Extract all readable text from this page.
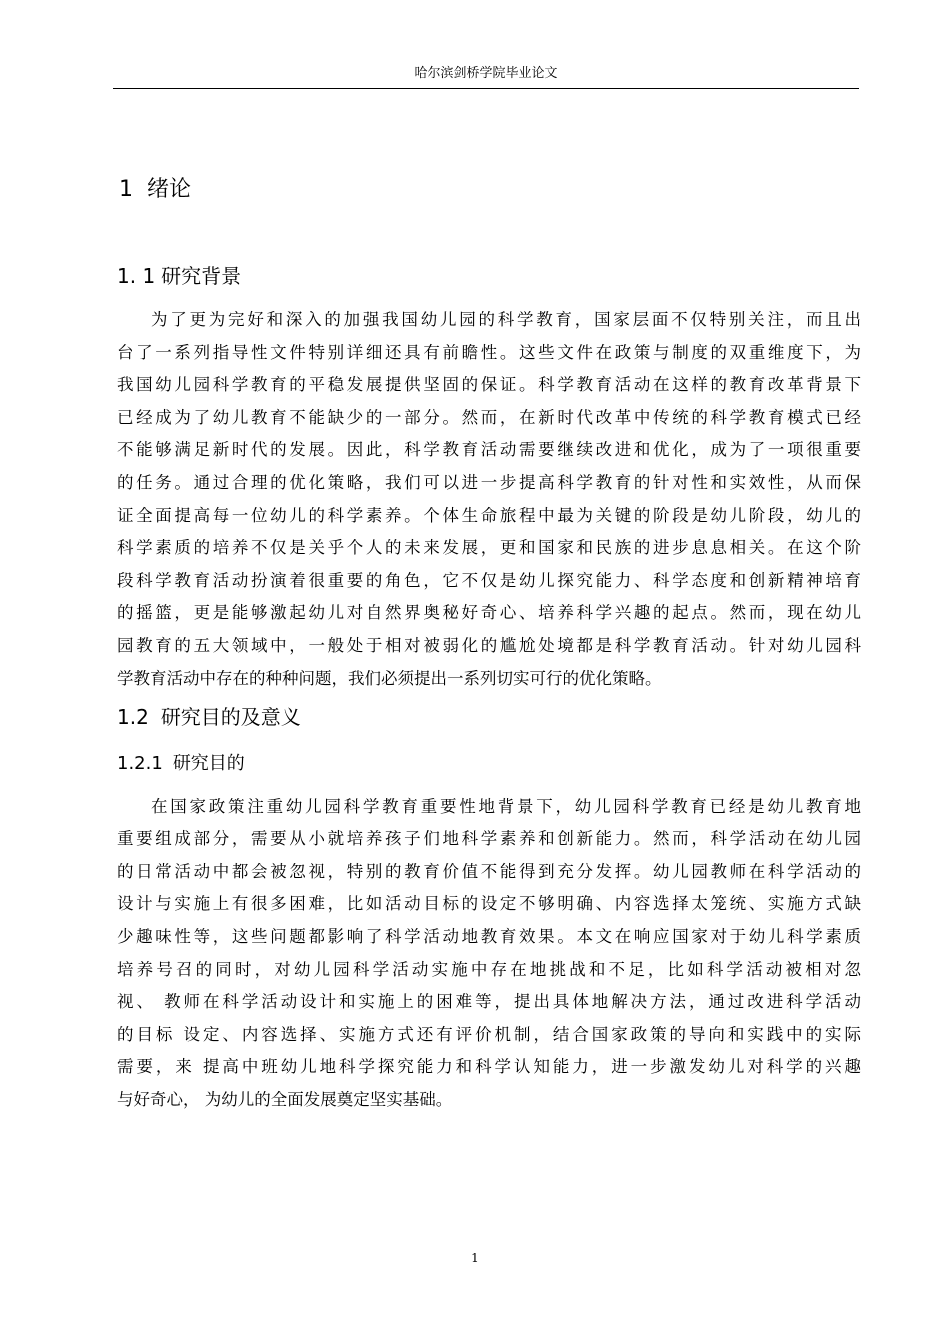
哈尔滨剑桥学院毕业论文
1 绪论
1. 1 研究背景
为了更为完好和深入的加强我国幼儿园的科学教育，国家层面不仅特别关注，而且出
台了一系列指导性文件特别详细还具有前瞻性。这些文件在政策与制度的双重维度下，为
我国幼儿园科学教育的平稳发展提供坚固的保证。科学教育活动在这样的教育改革背景下
已经成为了幼儿教育不能缺少的一部分。然而，在新时代改革中传统的科学教育模式已经
不能够满足新时代的发展。因此，科学教育活动需要继续改进和优化，成为了一项很重要
的任务。通过合理的优化策略，我们可以进一步提高科学教育的针对性和实效性，从而保
证全面提高每一位幼儿的科学素养。个体生命旅程中最为关键的阶段是幼儿阶段，幼儿的
科学素质的培养不仅是关乎个人的未来发展，更和国家和民族的进步息息相关。在这个阶
段科学教育活动扮演着很重要的角色，它不仅是幼儿探究能力、科学态度和创新精神培育
的摇篮，更是能够激起幼儿对自然界奥秘好奇心、培养科学兴趣的起点。然而，现在幼儿
园教育的五大领域中，一般处于相对被弱化的尴尬处境都是科学教育活动。针对幼儿园科
学教育活动中存在的种种问题，我们必须提出一系列切实可行的优化策略。
1.2 研究目的及意义
1.2.1 研究目的
在国家政策注重幼儿园科学教育重要性地背景下，幼儿园科学教育已经是幼儿教育地
重要组成部分，需要从小就培养孩子们地科学素养和创新能力。然而，科学活动在幼儿园
的日常活动中都会被忽视，特别的教育价值不能得到充分发挥。幼儿园教师在科学活动的
设计与实施上有很多困难，比如活动目标的设定不够明确、内容选择太笼统、实施方式缺
少趣味性等，这些问题都影响了科学活动地教育效果。本文在响应国家对于幼儿科学素质
培养号召的同时，对幼儿园科学活动实施中存在地挑战和不足，比如科学活动被相对忽
视、 教师在科学活动设计和实施上的困难等，提出具体地解决方法，通过改进科学活动
的目标 设定、内容选择、实施方式还有评价机制，结合国家政策的导向和实践中的实际
需要，来 提高中班幼儿地科学探究能力和科学认知能力，进一步激发幼儿对科学的兴趣
与好奇心， 为幼儿的全面发展奠定坚实基础。
1
